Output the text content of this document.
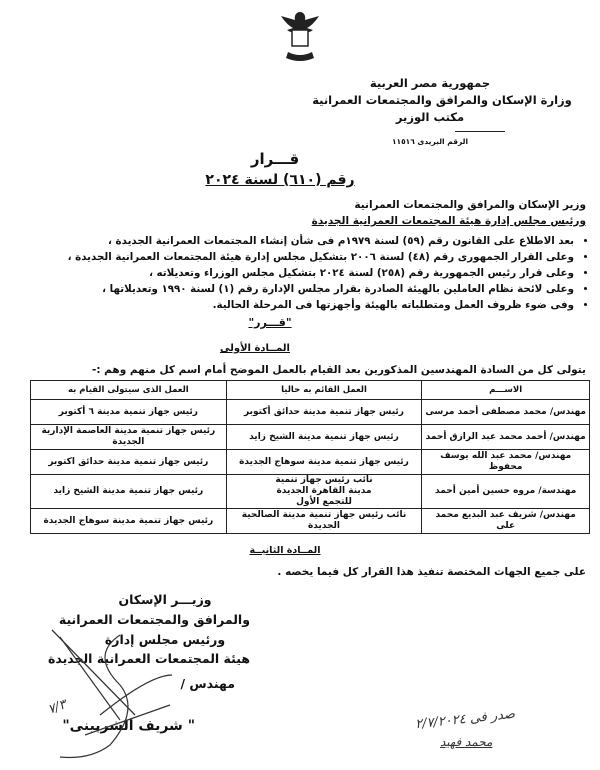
جمهورية مصر العربية
وزارة الإسكان والمرافق والمجتمعات العمرانية
مكتب الوزير
الرقم البريدى ١١٥١٦
قـــرار
رقم (٦١٠) لسنة ٢٠٢٤
وزير الإسكان والمرافق والمجتمعات العمرانية
ورئيس مجلس إدارة هيئة المجتمعات العمرانية الجديدة
• بعد الاطلاع على القانون رقم (٥٩) لسنة ١٩٧٩م فى شأن إنشاء المجتمعات العمرانية الجديدة ،
• وعلى القرار الجمهورى رقم (٤٨) لسنة ٢٠٠٦ بتشكيل مجلس إدارة هيئة المجتمعات العمرانية الجديدة ،
• وعلى قرار رئيس الجمهورية رقم (٢٥٨) لسنة ٢٠٢٤ بتشكيل مجلس الوزراء وتعديلاته ،
• وعلى لائحة نظام العاملين بالهيئة الصادرة بقرار مجلس الإدارة رقم (١) لسنة ١٩٩٠ وتعديلاتها ،
• وفى ضوء ظروف العمل ومتطلباته بالهيئة وأجهزتها فى المرحلة الحالية.
"قـــرر"
المــادة الأولى
يتولى كل من السادة المهندسين المذكورين بعد القيام بالعمل الموضح أمام اسم كل منهم وهم :-
الاســـم	العمل القائم به حاليا	العمل الذى سيتولى القيام به
مهندس/ محمد مصطفى أحمد مرسى	رئيس جهاز تنمية مدينة حدائق أكتوبر	رئيس جهاز تنمية مدينة ٦ أكتوبر
مهندس/ أحمد محمد عبد الرازق أحمد	رئيس جهاز تنمية مدينة الشيخ زايد	رئيس جهاز تنمية مدينة العاصمة الإدارية الجديدة
مهندس/ محمد عبد الله يوسف محفوظ	رئيس جهاز تنمية مدينة سوهاج الجديدة	رئيس جهاز تنمية مدينة حدائق اكتوبر
مهندسة/ مروه حسين أمين أحمد	نائب رئيس جهاز تنمية مدينة القاهرة الجديدة للتجمع الأول	رئيس جهاز تنمية مدينة الشيخ زايد
مهندس/ شريف عبد البديع محمد على	نائب رئيس جهاز تنمية مدينة الصالحية الجديدة	رئيس جهاز تنمية مدينة سوهاج الجديدة
المــادة الثانيــة
على جميع الجهات المختصة تنفيذ هذا القرار كل فيما يخصه .
وزيـــر الإسكان
والمرافق والمجتمعات العمرانية
ورئيس مجلس إدارة
هيئة المجتمعات العمرانية الجديدة
مهندس /
" شريف الشربينى"
٧/٣
صدر فى ٢/٧/٢٠٢٤
محمد فهيد
